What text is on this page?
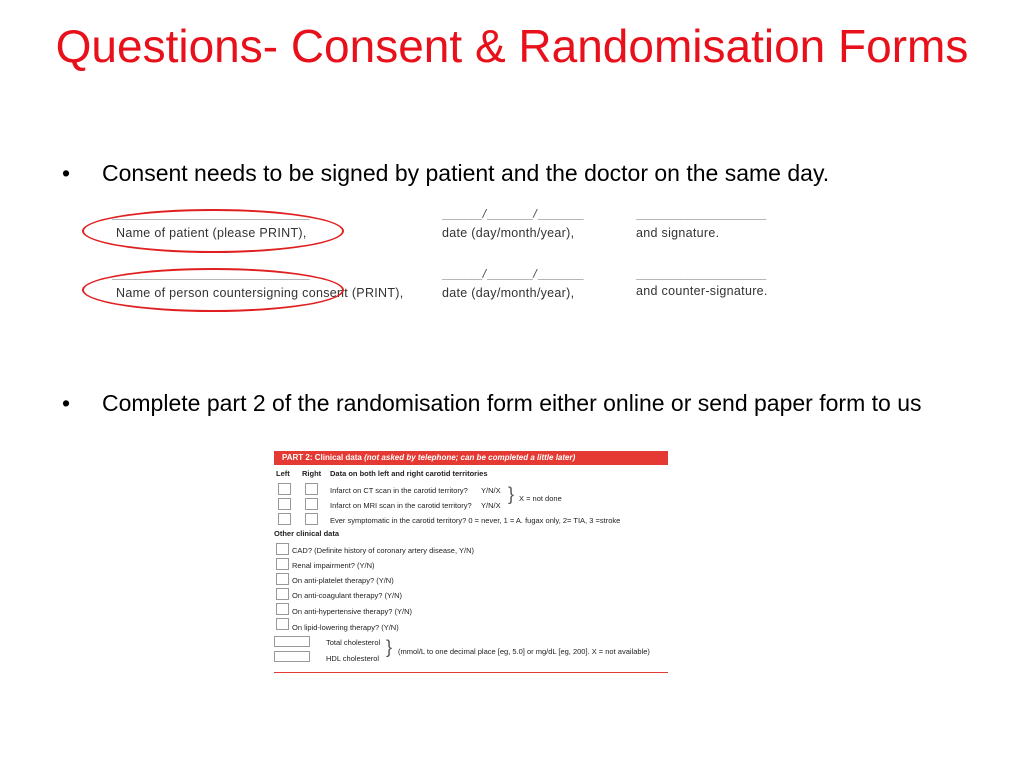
Questions- Consent & Randomisation Forms
• Consent needs to be signed by patient and the doctor on the same day.
___________________________________
Name of patient (please PRINT),
_______/________/________
date (day/month/year),
_______________________
and signature.
___________________________________
Name of person countersigning consent (PRINT),
_______/________/________
date (day/month/year),
_______________________
and counter-signature.
• Complete part 2 of the randomisation form either online or send paper form to us
PART 2: Clinical data (not asked by telephone; can be completed a little later)
Left Right Data on both left and right carotid territories
Infarct on CT scan in the carotid territory? Y/N/X
Infarct on MRI scan in the carotid territory? Y/N/X
} X = not done
Ever symptomatic in the carotid territory? 0 = never, 1 = A. fugax only, 2= TIA, 3 =stroke
Other clinical data
CAD? (Definite history of coronary artery disease, Y/N)
Renal impairment? (Y/N)
On anti-platelet therapy? (Y/N)
On anti-coagulant therapy? (Y/N)
On anti-hypertensive therapy? (Y/N)
On lipid-lowering therapy? (Y/N)
Total cholesterol
HDL cholesterol
} (mmol/L to one decimal place [eg, 5.0] or mg/dL [eg, 200]. X = not available)
